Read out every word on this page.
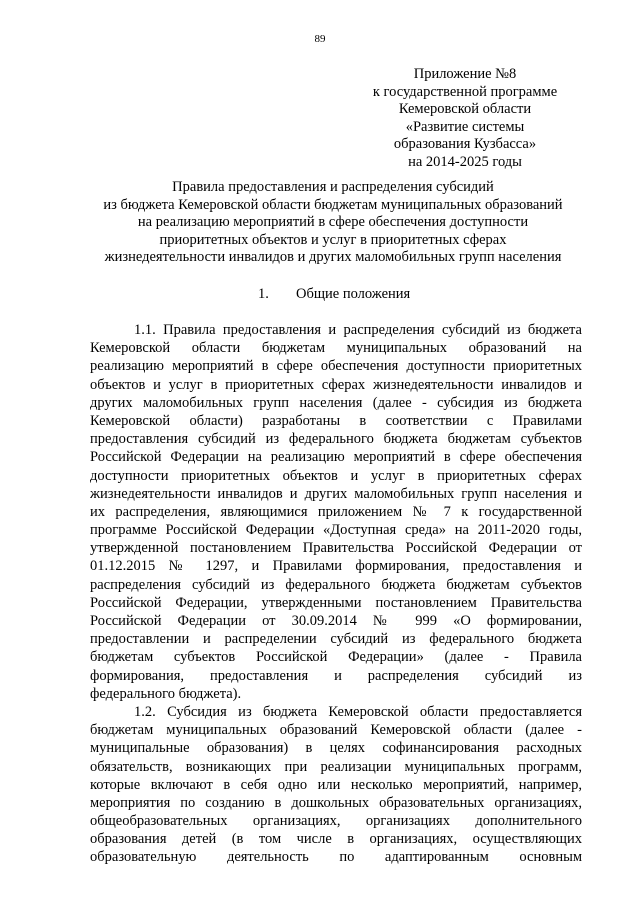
89
Приложение №8
к государственной программе
Кемеровской области
«Развитие системы
образования Кузбасса»
на 2014-2025 годы
Правила предоставления и распределения субсидий
из бюджета Кемеровской области бюджетам муниципальных образований
на реализацию мероприятий в сфере обеспечения доступности
приоритетных объектов и услуг в приоритетных сферах
жизнедеятельности инвалидов и других маломобильных групп населения
1. Общие положения
1.1. Правила предоставления и распределения субсидий из бюджета
Кемеровской области бюджетам муниципальных образований на
реализацию мероприятий в сфере обеспечения доступности приоритетных
объектов и услуг в приоритетных сферах жизнедеятельности инвалидов и
других маломобильных групп населения (далее - субсидия из бюджета
Кемеровской области) разработаны в соответствии с Правилами
предоставления субсидий из федерального бюджета бюджетам субъектов
Российской Федерации на реализацию мероприятий в сфере обеспечения
доступности приоритетных объектов и услуг в приоритетных сферах
жизнедеятельности инвалидов и других маломобильных групп населения и
их распределения, являющимися приложением № 7 к государственной
программе Российской Федерации «Доступная среда» на 2011-2020 годы,
утвержденной постановлением Правительства Российской Федерации от
01.12.2015 № 1297, и Правилами формирования, предоставления и
распределения субсидий из федерального бюджета бюджетам субъектов
Российской Федерации, утвержденными постановлением Правительства
Российской Федерации от 30.09.2014 № 999 «О формировании,
предоставлении и распределении субсидий из федерального бюджета
бюджетам субъектов Российской Федерации» (далее - Правила
формирования, предоставления и распределения субсидий из
федерального бюджета).
1.2. Субсидия из бюджета Кемеровской области предоставляется
бюджетам муниципальных образований Кемеровской области (далее -
муниципальные образования) в целях софинансирования расходных
обязательств, возникающих при реализации муниципальных программ,
которые включают в себя одно или несколько мероприятий, например,
мероприятия по созданию в дошкольных образовательных организациях,
общеобразовательных организациях, организациях дополнительного
образования детей (в том числе в организациях, осуществляющих
образовательную деятельность по адаптированным основным
